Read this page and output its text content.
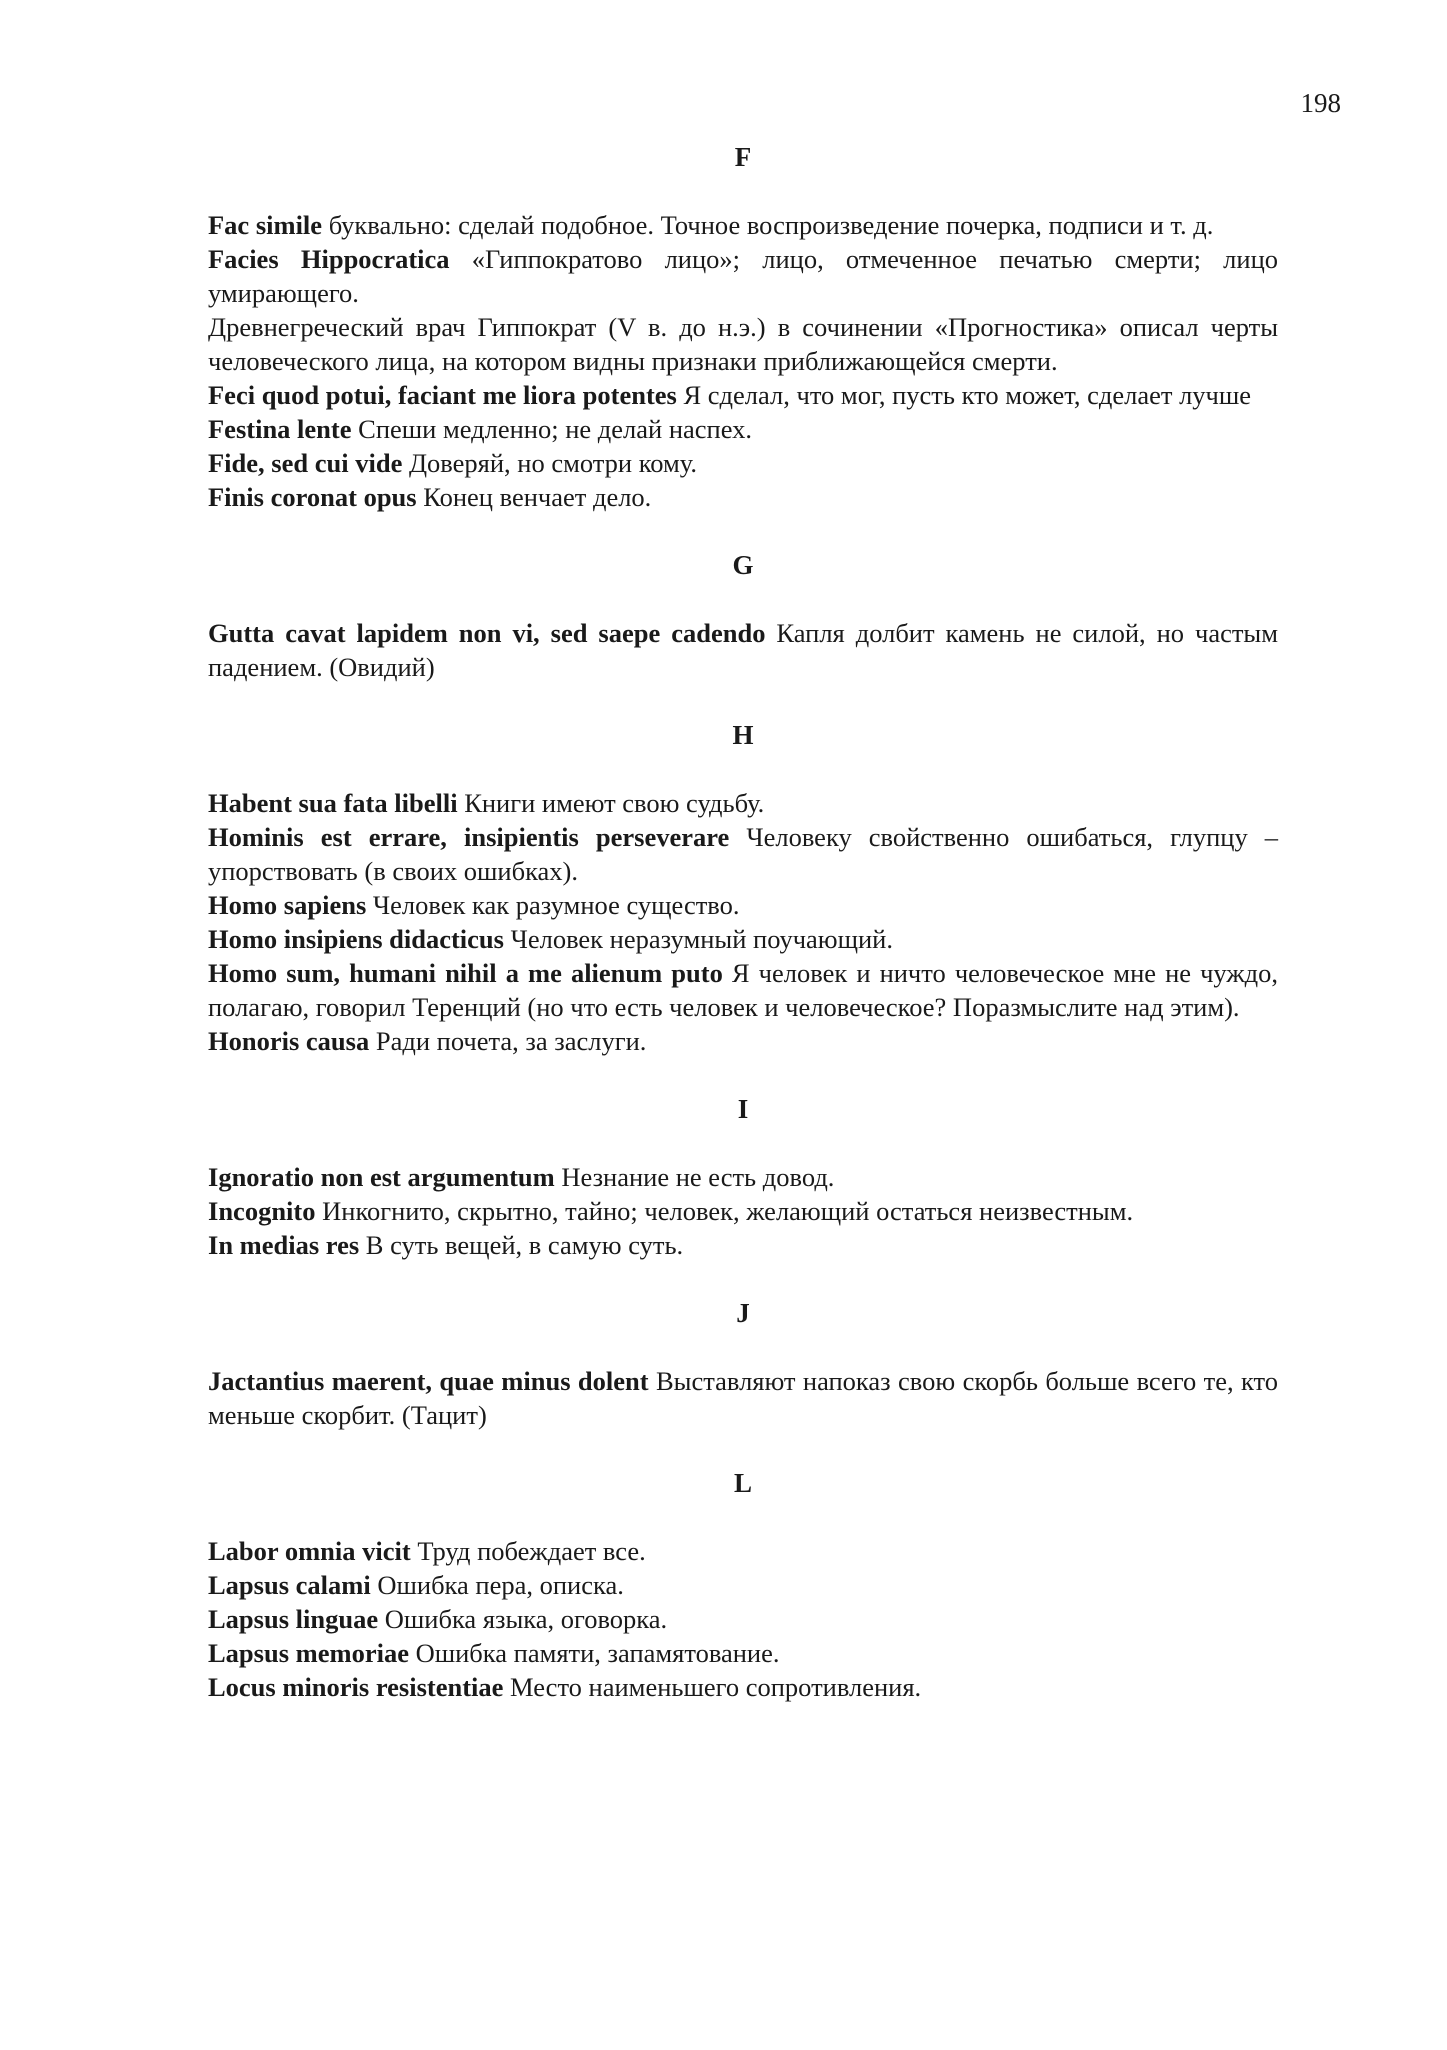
198
F

Fac simile буквально: сделай подобное. Точное воспроизведение почерка, подписи и т. д.

Facies Hippocratica «Гиппократово лицо»; лицо, отмеченное печатью смерти; лицо умирающего.

Древнегреческий врач Гиппократ (V в. до н.э.) в сочинении «Прогностика» описал черты человеческого лица, на котором видны признаки приближающейся смерти.

Feci quod potui, faciant me liora potentes Я сделал, что мог, пусть кто может, сделает лучше

Festina lente Спеши медленно; не делай наспех.

Fide, sed cui vide Доверяй, но смотри кому.

Finis coronat opus Конец венчает дело.

G

Gutta cavat lapidem non vi, sed saepe cadendo Капля долбит камень не силой, но частым падением. (Овидий)

H

Habent sua fata libelli Книги имеют свою судьбу.

Hominis est errare, insipientis perseverare Человеку свойственно ошибаться, глупцу – упорствовать (в своих ошибках).

Homo sapiens Человек как разумное существо.

Homo insipiens didacticus Человек неразумный поучающий.

Homo sum, humani nihil a me alienum puto Я человек и ничто человеческое мне не чуждо, полагаю, говорил Теренций (но что есть человек и человеческое? Поразмыслите над этим).

Honoris causa Ради почета, за заслуги.

I

Ignoratio non est argumentum Незнание не есть довод.

Incognito Инкогнито, скрытно, тайно; человек, желающий остаться неизвестным.

In medias res В суть вещей, в самую суть.

J

Jactantius maerent, quae minus dolent Выставляют напоказ свою скорбь больше всего те, кто меньше скорбит. (Тацит)

L

Labor omnia vicit Труд побеждает все.

Lapsus calami Ошибка пера, описка.

Lapsus linguae Ошибка языка, оговорка.

Lapsus memoriae Ошибка памяти, запамятование.

Locus minoris resistentiae Место наименьшего сопротивления.
